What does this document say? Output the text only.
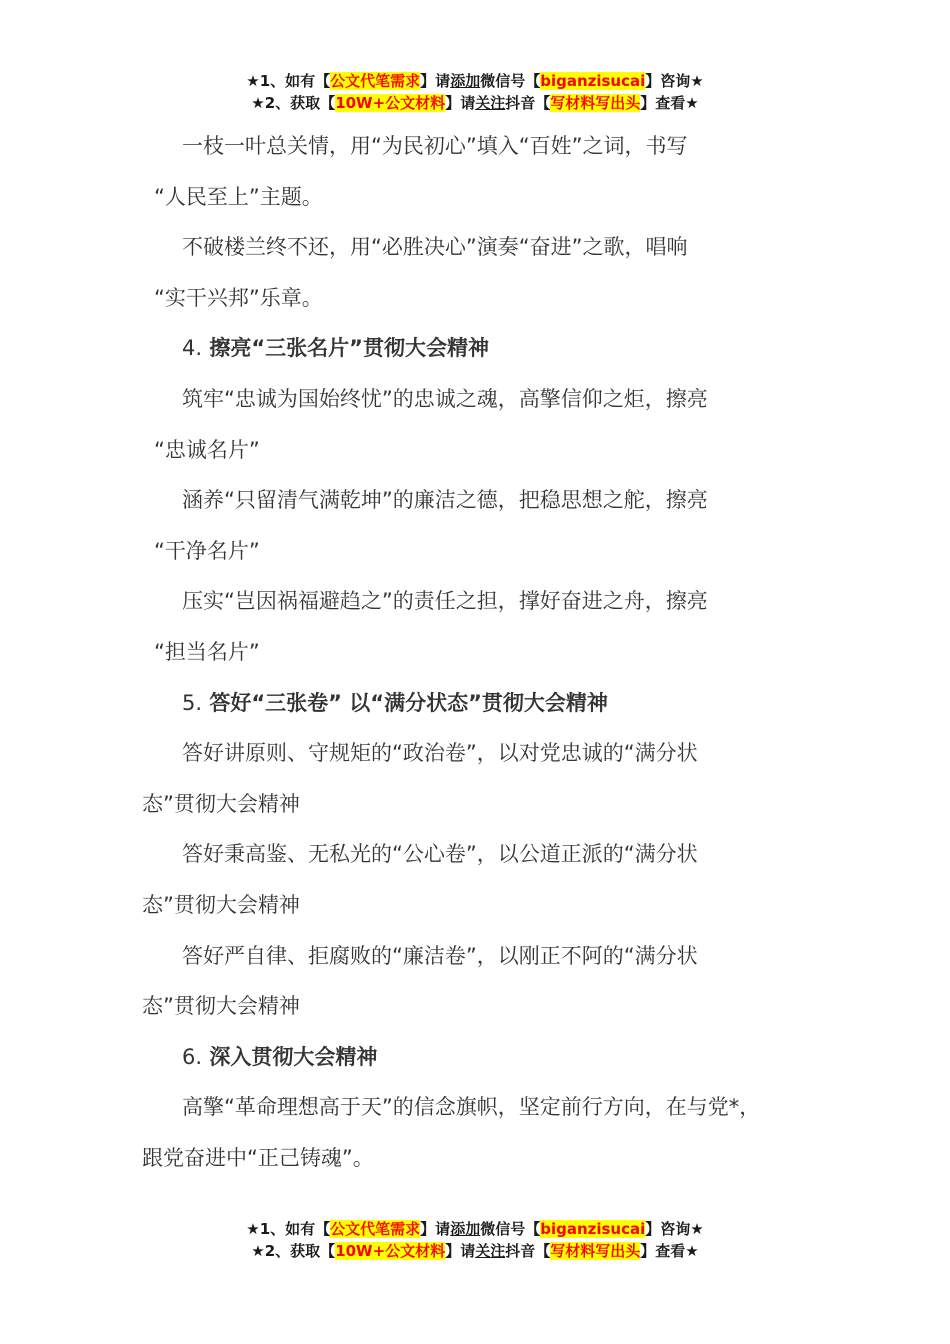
★1、如有【公文代笔需求】请添加微信号【biganzisucai】咨询★
★2、获取【10W+公文材料】请关注抖音【写材料写出头】查看★

一枝一叶总关情，用“为民初心”填入“百姓”之词，书写

“人民至上”主题。

不破楼兰终不还，用“必胜决心”演奏“奋进”之歌，唱响

“实干兴邦”乐章。

4. 擦亮“三张名片”贯彻大会精神

筑牢“忠诚为国始终忧”的忠诚之魂，高擎信仰之炬，擦亮

“忠诚名片”

涵养“只留清气满乾坤”的廉洁之德，把稳思想之舵，擦亮

“干净名片”

压实“岂因祸福避趋之”的责任之担，撑好奋进之舟，擦亮

“担当名片”

5. 答好“三张卷” 以“满分状态”贯彻大会精神

答好讲原则、守规矩的“政治卷”，以对党忠诚的“满分状

态”贯彻大会精神

答好秉高鉴、无私光的“公心卷”，以公道正派的“满分状

态”贯彻大会精神

答好严自律、拒腐败的“廉洁卷”，以刚正不阿的“满分状

态”贯彻大会精神

6. 深入贯彻大会精神

高擎“革命理想高于天”的信念旗帜，坚定前行方向，在与党*，

跟党奋进中“正己铸魂”。

★1、如有【公文代笔需求】请添加微信号【biganzisucai】咨询★
★2、获取【10W+公文材料】请关注抖音【写材料写出头】查看★
